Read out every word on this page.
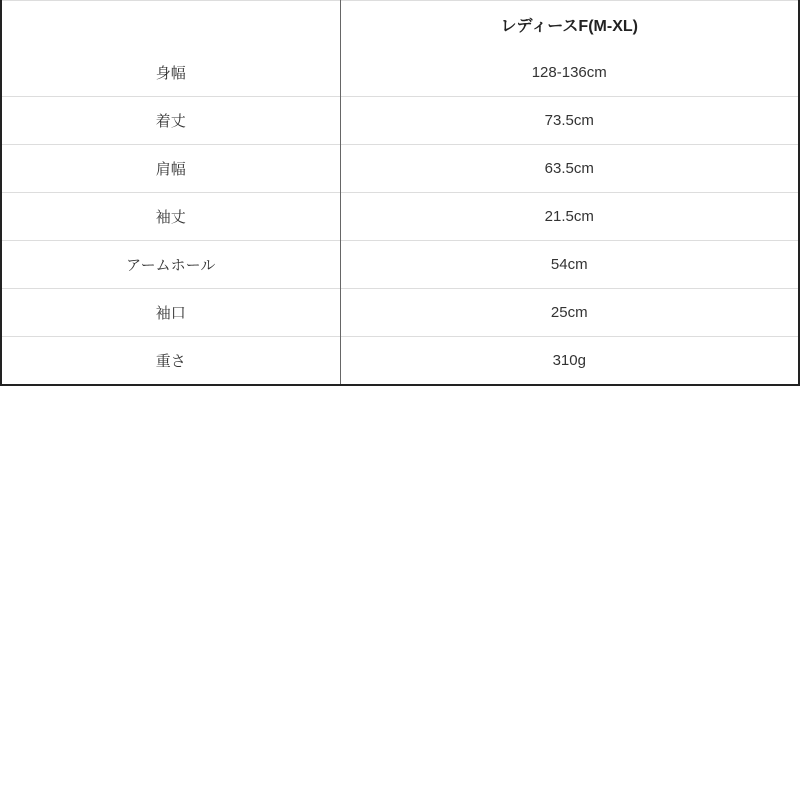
	レディースF(M-XL)
身幅	128-136cm
着丈	73.5cm
肩幅	63.5cm
袖丈	21.5cm
アームホール	54cm
袖口	25cm
重さ	310g
